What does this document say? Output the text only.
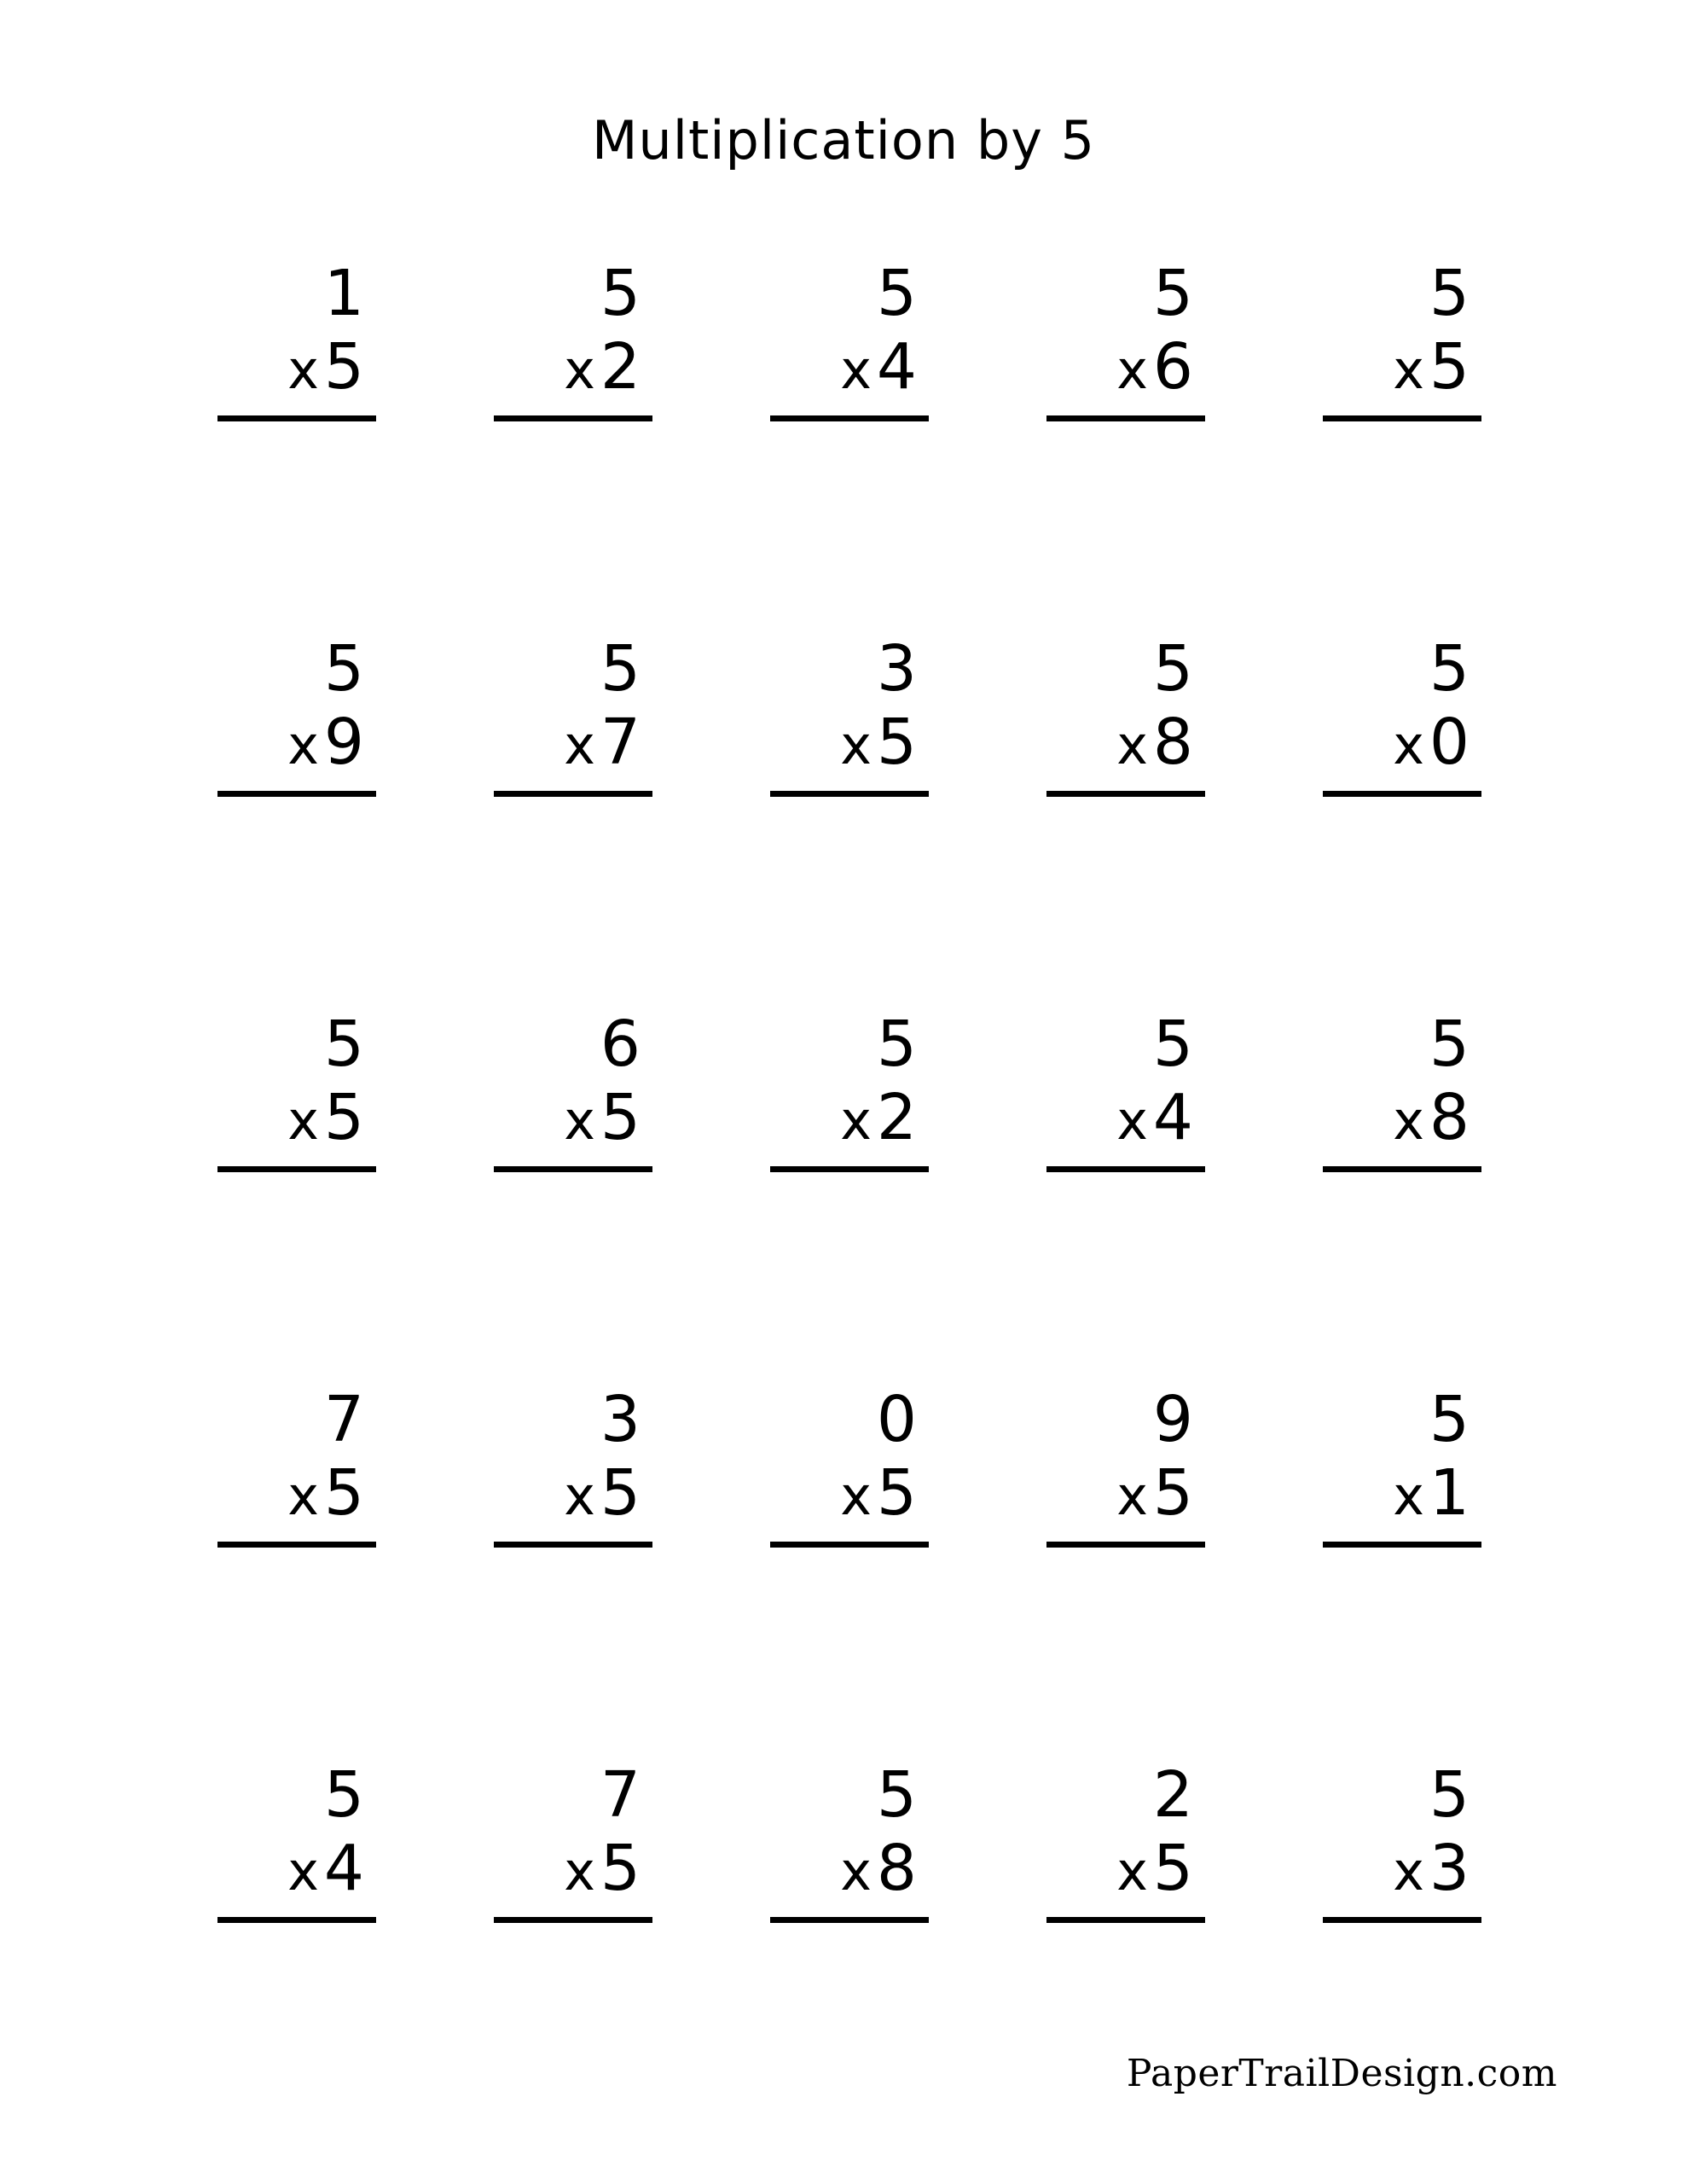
Multiplication by 5
1
x 5
5
x 2
5
x 4
5
x 6
5
x 5
5
x 9
5
x 7
3
x 5
5
x 8
5
x 0
5
x 5
6
x 5
5
x 2
5
x 4
5
x 8
7
x 5
3
x 5
0
x 5
9
x 5
5
x 1
5
x 4
7
x 5
5
x 8
2
x 5
5
x 3
PaperTrailDesign.com
